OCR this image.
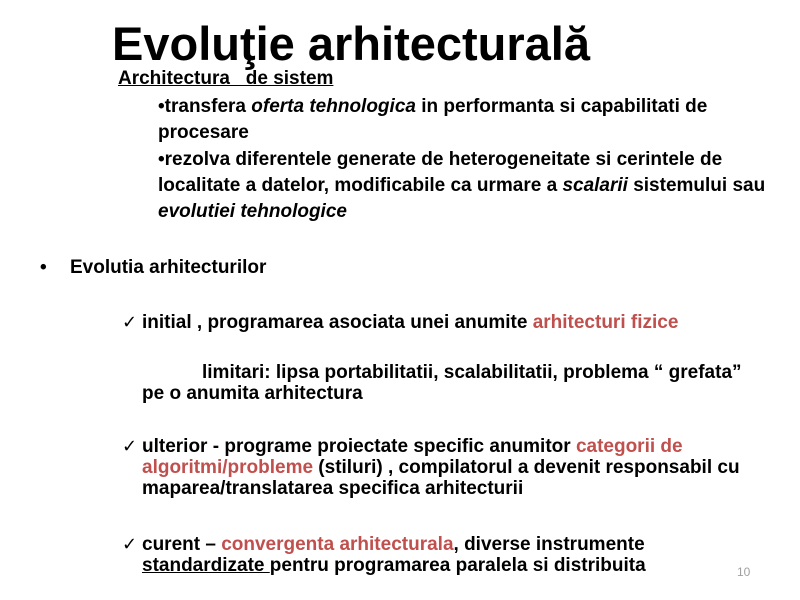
Evoluţie arhitecturală
Architectura   de sistem
•transfera oferta tehnologica in performanta si capabilitati de procesare
•rezolva diferentele generate de heterogeneitate si cerintele de localitate a datelor, modificabile ca urmare a scalarii sistemului sau evolutiei tehnologice
• Evolutia arhitecturilor
✓ initial , programarea asociata unei anumite arhitecturi fizice
limitari: lipsa portabilitatii, scalabilitatii, problema “ grefata” pe o anumita arhitectura
✓ ulterior - programe proiectate specific anumitor categorii de algoritmi/probleme (stiluri) , compilatorul a devenit responsabil cu maparea/translatarea specifica arhitecturii
✓ curent – convergenta arhitecturala, diverse instrumente standardizate pentru programarea paralela si distribuita	10
